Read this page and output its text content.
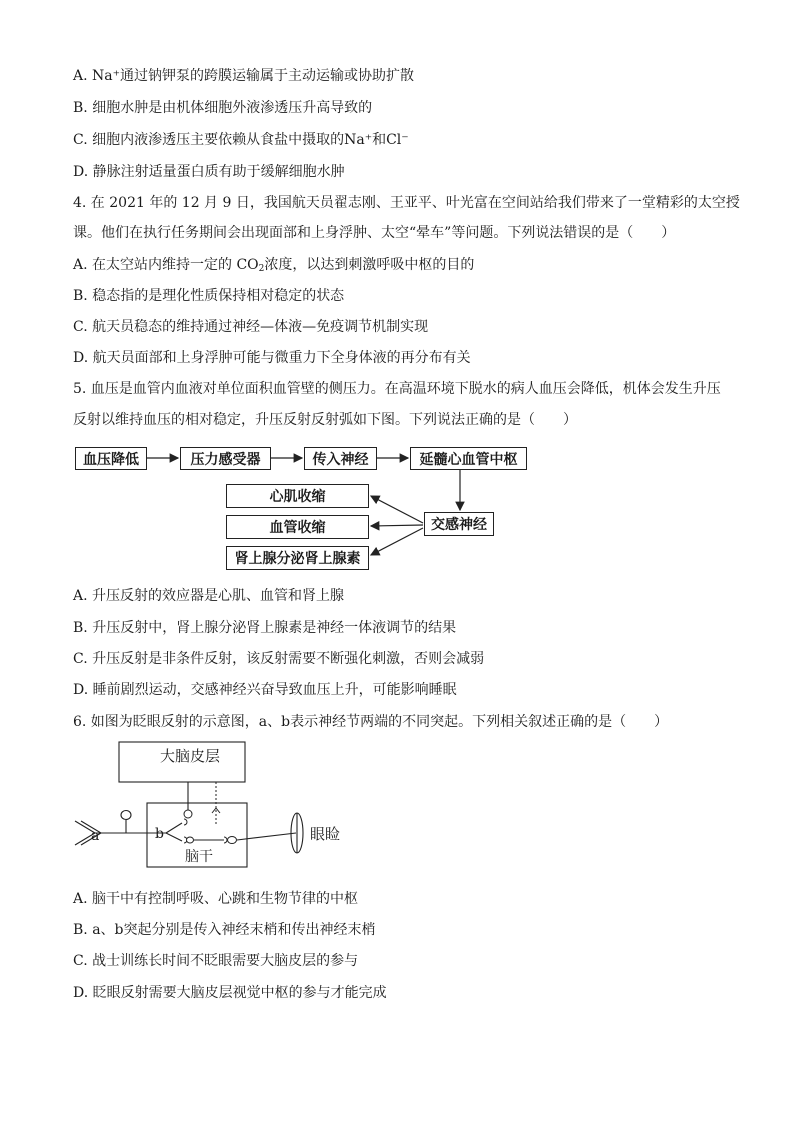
A. Na⁺通过钠钾泵的跨膜运输属于主动运输或协助扩散
B. 细胞水肿是由机体细胞外液渗透压升高导致的
C. 细胞内液渗透压主要依赖从食盐中摄取的Na⁺和Cl⁻
D. 静脉注射适量蛋白质有助于缓解细胞水肿
4. 在 2021 年的 12 月 9 日，我国航天员翟志刚、王亚平、叶光富在空间站给我们带来了一堂精彩的太空授
课。他们在执行任务期间会出现面部和上身浮肿、太空“晕车”等问题。下列说法错误的是（　　）
A. 在太空站内维持一定的 $CO_2$浓度，以达到刺激呼吸中枢的目的
B. 稳态指的是理化性质保持相对稳定的状态
C. 航天员稳态的维持通过神经—体液—免疫调节机制实现
D. 航天员面部和上身浮肿可能与微重力下全身体液的再分布有关
5. 血压是血管内血液对单位面积血管壁的侧压力。在高温环境下脱水的病人血压会降低，机体会发生升压
反射以维持血压的相对稳定，升压反射反射弧如下图。下列说法正确的是（　　）
血压降低	压力感受器	传入神经	延髓心血管中枢
交感神经
心肌收缩
血管收缩
肾上腺分泌肾上腺素
A. 升压反射的效应器是心肌、血管和肾上腺
B. 升压反射中，肾上腺分泌肾上腺素是神经一体液调节的结果
C. 升压反射是非条件反射，该反射需要不断强化刺激，否则会减弱
D. 睡前剧烈运动，交感神经兴奋导致血压上升，可能影响睡眠
6. 如图为眨眼反射的示意图，a、b表示神经节两端的不同突起。下列相关叙述正确的是（　　）
大脑皮层
脑干
眼睑
a	b
A. 脑干中有控制呼吸、心跳和生物节律的中枢
B. a、b突起分别是传入神经末梢和传出神经末梢
C. 战士训练长时间不眨眼需要大脑皮层的参与
D. 眨眼反射需要大脑皮层视觉中枢的参与才能完成
